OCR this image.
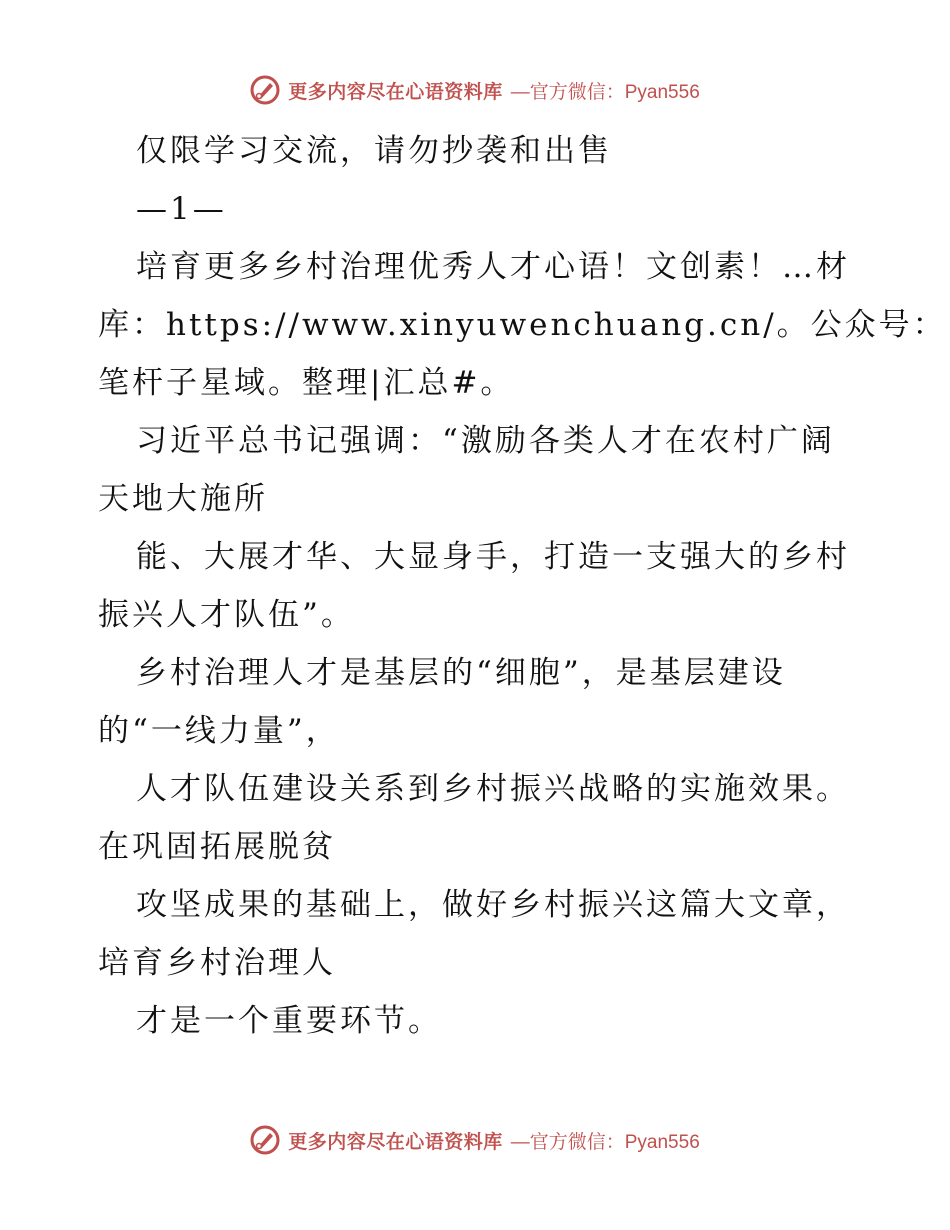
更多内容尽在心语资料库 —官方微信：Pyan556
仅限学习交流，请勿抄袭和出售
—1—
培育更多乡村治理优秀人才心语！文创素！…材
库：https://www.xinyuwenchuang.cn/。公众号：
笔杆子星域。整理|汇总#。
习近平总书记强调：“激励各类人才在农村广阔
天地大施所
能、大展才华、大显身手，打造一支强大的乡村
振兴人才队伍”。
乡村治理人才是基层的“细胞”，是基层建设
的“一线力量”，
人才队伍建设关系到乡村振兴战略的实施效果。
在巩固拓展脱贫
攻坚成果的基础上，做好乡村振兴这篇大文章，
培育乡村治理人
才是一个重要环节。
更多内容尽在心语资料库 —官方微信：Pyan556
